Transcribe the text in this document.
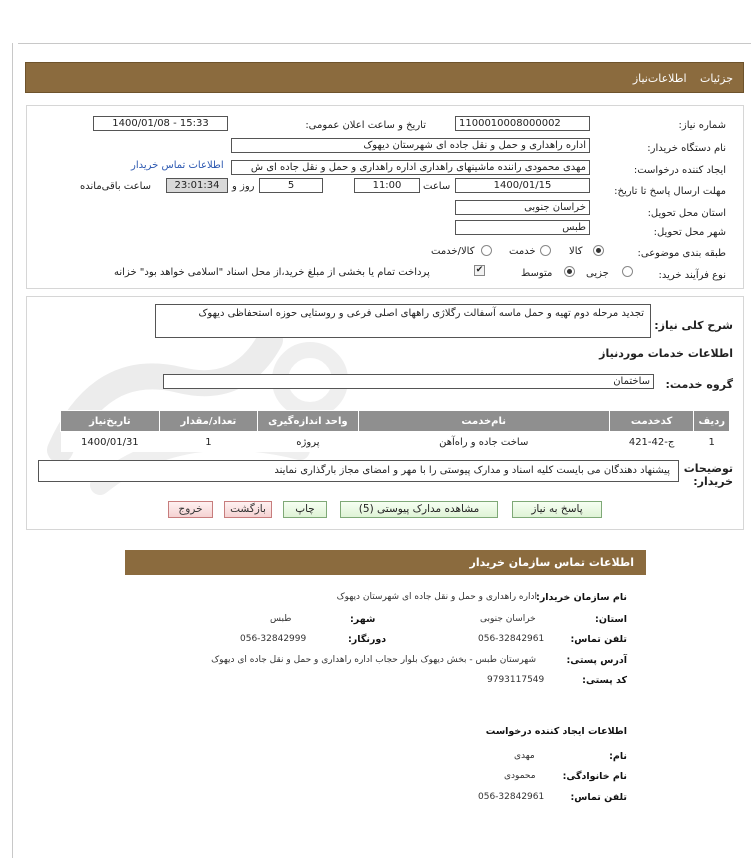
جزئیات اطلاعات‌نیاز
شماره نیاز:
1100010008000002
تاریخ و ساعت اعلان عمومی:
1400/01/08 - 15:33
نام دستگاه خریدار:
اداره راهداری و حمل و نقل جاده ای شهرستان دیهوک
ایجاد کننده درخواست:
مهدی محمودی راننده ماشینهای راهداری اداره راهداری و حمل و نقل جاده ای ش
اطلاعات تماس خریدار
مهلت ارسال پاسخ تا تاریخ:
1400/01/15
ساعت
11:00
5
روز و
23:01:34
ساعت باقی‌مانده
استان محل تحویل:
خراسان جنوبی
شهر محل تحویل:
طبس
طبقه بندی موضوعی:
کالا
خدمت
کالا/خدمت
نوع فرآیند خرید:
جزیی
متوسط
✔
پرداخت تمام یا بخشی از مبلغ خرید،از محل اسناد "اسلامی خواهد بود" خزانه
شرح کلی نیاز:
تجدید مرحله دوم تهیه و حمل ماسه آسفالت رگلاژی راههای اصلی فرعی و روستایی حوزه استحفاظی دیهوک
اطلاعات خدمات موردنیاز
گروه خدمت:
ساختمان
ردیف	کدخدمت	نام‌خدمت	واحد اندازه‌گیری	تعداد/مقدار	تاریخ‌نیاز
1	ج-42-421	ساخت جاده و راه‌آهن	پروژه	1	1400/01/31
توضیحات خریدار:
پیشنهاد دهندگان می بایست کلیه اسناد و مدارک پیوستی را با مهر و امضای مجاز بارگذاری نمایند
پاسخ به نیاز
مشاهده مدارک پیوستی (5)
چاپ
بازگشت
خروج
اطلاعات تماس سازمان خریدار
نام سازمان خریدار:
اداره راهداری و حمل و نقل جاده ای شهرستان دیهوک
استان:
خراسان جنوبی
شهر:
طبس
تلفن تماس:
056-32842961
دورنگار:
056-32842999
آدرس پستی:
شهرستان طبس - بخش دیهوک بلوار حجاب اداره راهداری و حمل و نقل جاده ای دیهوک
کد پستی:
9793117549
اطلاعات ایجاد کننده درخواست
نام:
مهدی
نام خانوادگی:
محمودی
تلفن تماس:
056-32842961
